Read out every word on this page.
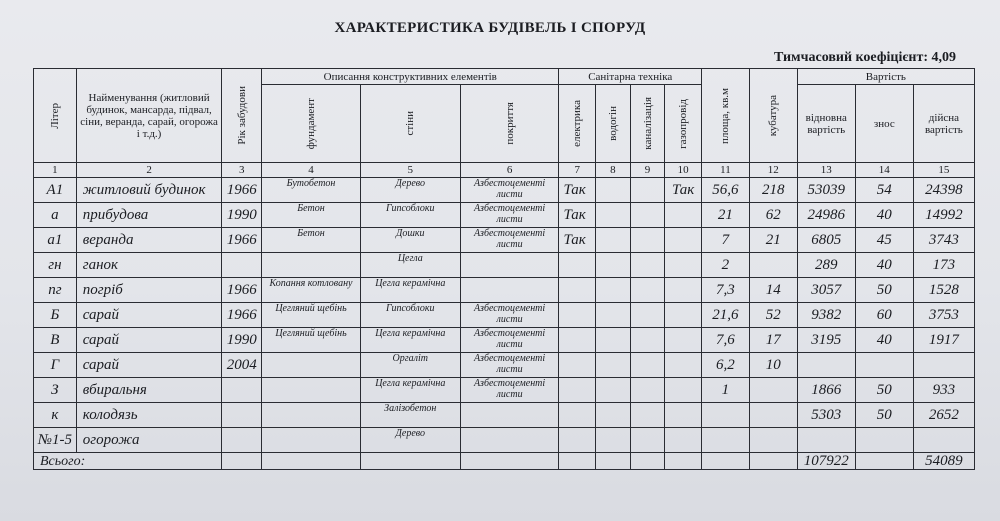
ХАРАКТЕРИСТИКА БУДІВЕЛЬ І СПОРУД
Тимчасовий коефіцієнт: 4,09
Літер	Найменування (житловий будинок, мансарда, підвал, сіни, веранда, сарай, огорожа і т.д.)	Рік забудови	Описання конструктивних елементів			Санітарна техніка				площа, кв.м	кубатура	Вартість		

			фундамент	стіни	покриття	електрика	водогін	каналізація	газопровід			відновна вартість	знос	дійсна вартість
1	2	3	4	5	6	7	8	9	10	11	12	13	14	15
А1	житловий будинок	1966	Бутобетон	Дерево	Азбестоцементі листи	Так			Так	56,6	218	53039	54	24398
а	прибудова	1990	Бетон	Гипсоблоки	Азбестоцементі листи	Так				21	62	24986	40	14992
а1	веранда	1966	Бетон	Дошки	Азбестоцементі листи	Так				7	21	6805	45	3743
гн	ганок			Цегла						2		289	40	173
пг	погріб	1966	Копання котловану	Цегла керамічна						7,3	14	3057	50	1528
Б	сарай	1966	Цегляний щебінь	Гипсоблоки	Азбестоцементі листи					21,6	52	9382	60	3753
В	сарай	1990	Цегляний щебінь	Цегла керамічна	Азбестоцементі листи					7,6	17	3195	40	1917
Г	сарай	2004		Оргаліт	Азбестоцементі листи					6,2	10			
З	вбиральня			Цегла керамічна	Азбестоцементі листи					1		1866	50	933
к	колодязь			Залізобетон								5303	50	2652
№1-5	огорожа			Дерево										
Всього:												107922		54089
